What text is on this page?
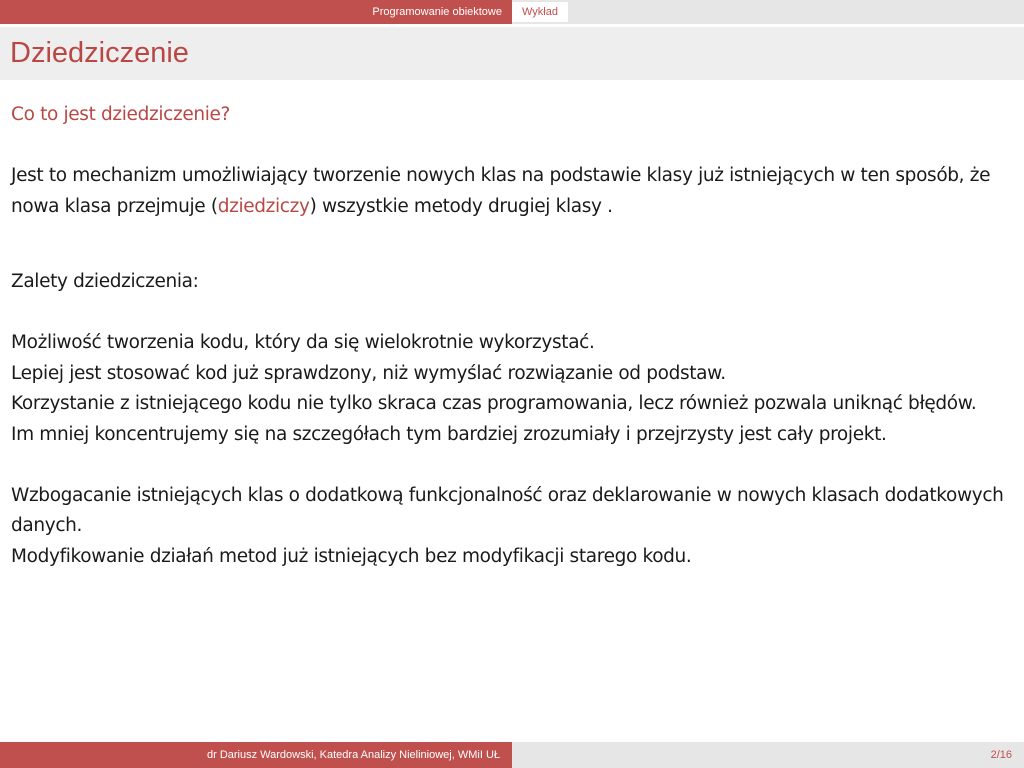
Programowanie obiektowe	Wykład
Dziedziczenie

Co to jest dziedziczenie?

Jest to mechanizm umożliwiający tworzenie nowych klas na podstawie klasy już istniejących w ten sposób, że nowa klasa przejmuje (dziedziczy) wszystkie metody drugiej klasy .

Zalety dziedziczenia:

Możliwość tworzenia kodu, który da się wielokrotnie wykorzystać.

Lepiej jest stosować kod już sprawdzony, niż wymyślać rozwiązanie od podstaw.

Korzystanie z istniejącego kodu nie tylko skraca czas programowania, lecz również pozwala uniknąć błędów.

Im mniej koncentrujemy się na szczegółach tym bardziej zrozumiały i przejrzysty jest cały projekt.

Wzbogacanie istniejących klas o dodatkową funkcjonalność oraz deklarowanie w nowych klasach dodatkowych danych.

Modyfikowanie działań metod już istniejących bez modyfikacji starego kodu.

dr Dariusz Wardowski, Katedra Analizy Nieliniowej, WMiI UŁ	2/16
